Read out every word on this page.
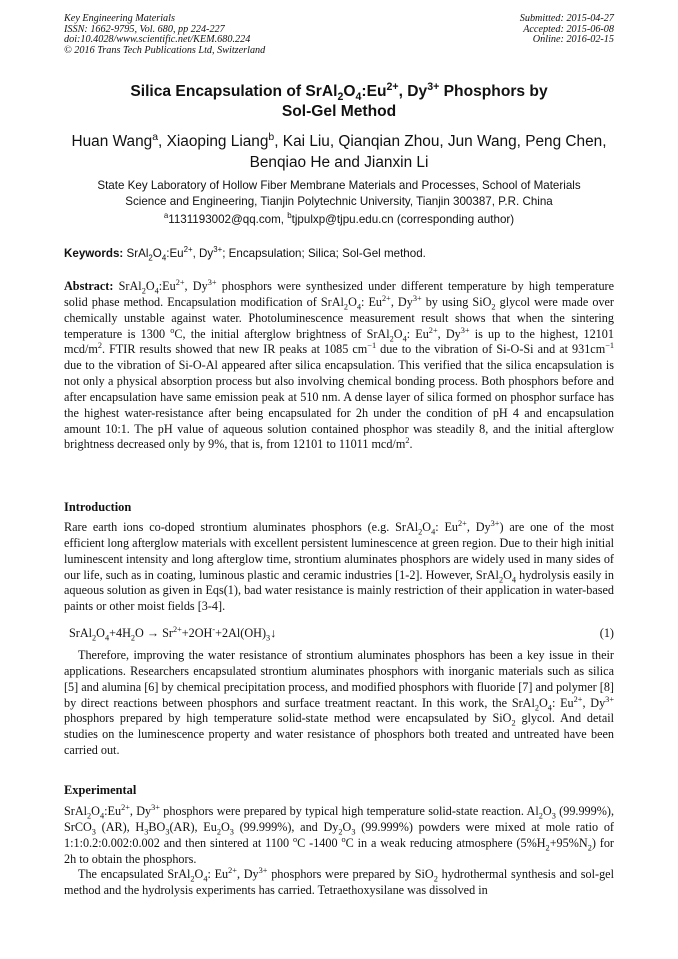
Key Engineering Materials
ISSN: 1662-9795, Vol. 680, pp 224-227
doi:10.4028/www.scientific.net/KEM.680.224
© 2016 Trans Tech Publications Ltd, Switzerland
Submitted: 2015-04-27
Accepted: 2015-06-08
Online: 2016-02-15
Silica Encapsulation of $SrAl_2O_4:Eu^{2+}$, $Dy^{3+}$ Phosphors by
Sol-Gel Method
Huan Wang$^a$, Xiaoping Liang$^b$, Kai Liu, Qianqian Zhou, Jun Wang, Peng Chen,
Benqiao He and Jianxin Li
State Key Laboratory of Hollow Fiber Membrane Materials and Processes, School of Materials
Science and Engineering, Tianjin Polytechnic University, Tianjin 300387, P.R. China
$^a$1131193002@qq.com, $^b$tjpulxp@tjpu.edu.cn (corresponding author)
Keywords: $SrAl_2O_4:Eu^{2+}$, $Dy^{3+}$; Encapsulation; Silica; Sol-Gel method.

Abstract: $SrAl_2O_4:Eu^{2+}$, $Dy^{3+}$ phosphors were synthesized under different temperature by high temperature solid phase method. Encapsulation modification of $SrAl_2O_4$: $Eu^{2+}$, $Dy^{3+}$ by using SiO$_2$ glycol were made over chemically unstable against water. Photoluminescence measurement result shows that when the sintering temperature is 1300 $^o$C, the initial afterglow brightness of $SrAl_2O_4$: $Eu^{2+}$, $Dy^{3+}$ is up to the highest, 12101 mcd/$m^2$. FTIR results showed that new IR peaks at 1085 $cm^{-1}$ due to the vibration of Si-O-Si and at $931cm^{-1}$ due to the vibration of Si-O-Al appeared after silica encapsulation. This verified that the silica encapsulation is not only a physical absorption process but also involving chemical bonding process. Both phosphors before and after encapsulation have same emission peak at 510 nm. A dense layer of silica formed on phosphor surface has the highest water-resistance after being encapsulated for 2h under the condition of pH 4 and encapsulation amount 10:1. The pH value of aqueous solution contained phosphor was steadily 8, and the initial afterglow brightness decreased only by 9%, that is, from 12101 to 11011 mcd/$m^2$.

Introduction

Rare earth ions co-doped strontium aluminates phosphors (e.g. $SrAl_2O_4$: $Eu^{2+}$, $Dy^{3+}$) are one of the most efficient long afterglow materials with excellent persistent luminescence at green region. Due to their high initial luminescent intensity and long afterglow time, strontium aluminates phosphors are widely used in many sides of our life, such as in coating, luminous plastic and ceramic industries [1-2]. However, $SrAl_2O_4$ hydrolysis easily in aqueous solution as given in Eqs(1), bad water resistance is mainly restriction of their application in water-based paints or other moist fields [3-4].

$SrAl_2O_4+4H_2O$ → $Sr^{2+}+2OH^-+2Al(OH)_3↓$	(1)

Therefore, improving the water resistance of strontium aluminates phosphors has been a key issue in their applications. Researchers encapsulated strontium aluminates phosphors with inorganic materials such as silica [5] and alumina [6] by chemical precipitation process, and modified phosphors with fluoride [7] and polymer [8] by direct reactions between phosphors and surface treatment reactant. In this work, the $SrAl_2O_4$: $Eu^{2+}$, $Dy^{3+}$ phosphors prepared by high temperature solid-state method were encapsulated by SiO$_2$ glycol. And detail studies on the luminescence property and water resistance of phosphors both treated and untreated have been carried out.

Experimental

$SrAl_2O_4:Eu^{2+}$, $Dy^{3+}$ phosphors were prepared by typical high temperature solid-state reaction. $Al_2O_3$ (99.999%), SrCO$_3$ (AR), $H_3BO_3(AR)$, $Eu_2O_3$ (99.999%), and $Dy_2O_3$ (99.999%) powders were mixed at mole ratio of 1:1:0.2:0.002:0.002 and then sintered at 1100 $^o$C -1400 $^o$C in a weak reducing atmosphere $(5\%H_2+95\%N_2)$ for 2h to obtain the phosphors.

The encapsulated $SrAl_2O_4$: $Eu^{2+}$, $Dy^{3+}$ phosphors were prepared by SiO$_2$ hydrothermal synthesis and sol-gel method and the hydrolysis experiments has carried. Tetraethoxysilane was dissolved in
